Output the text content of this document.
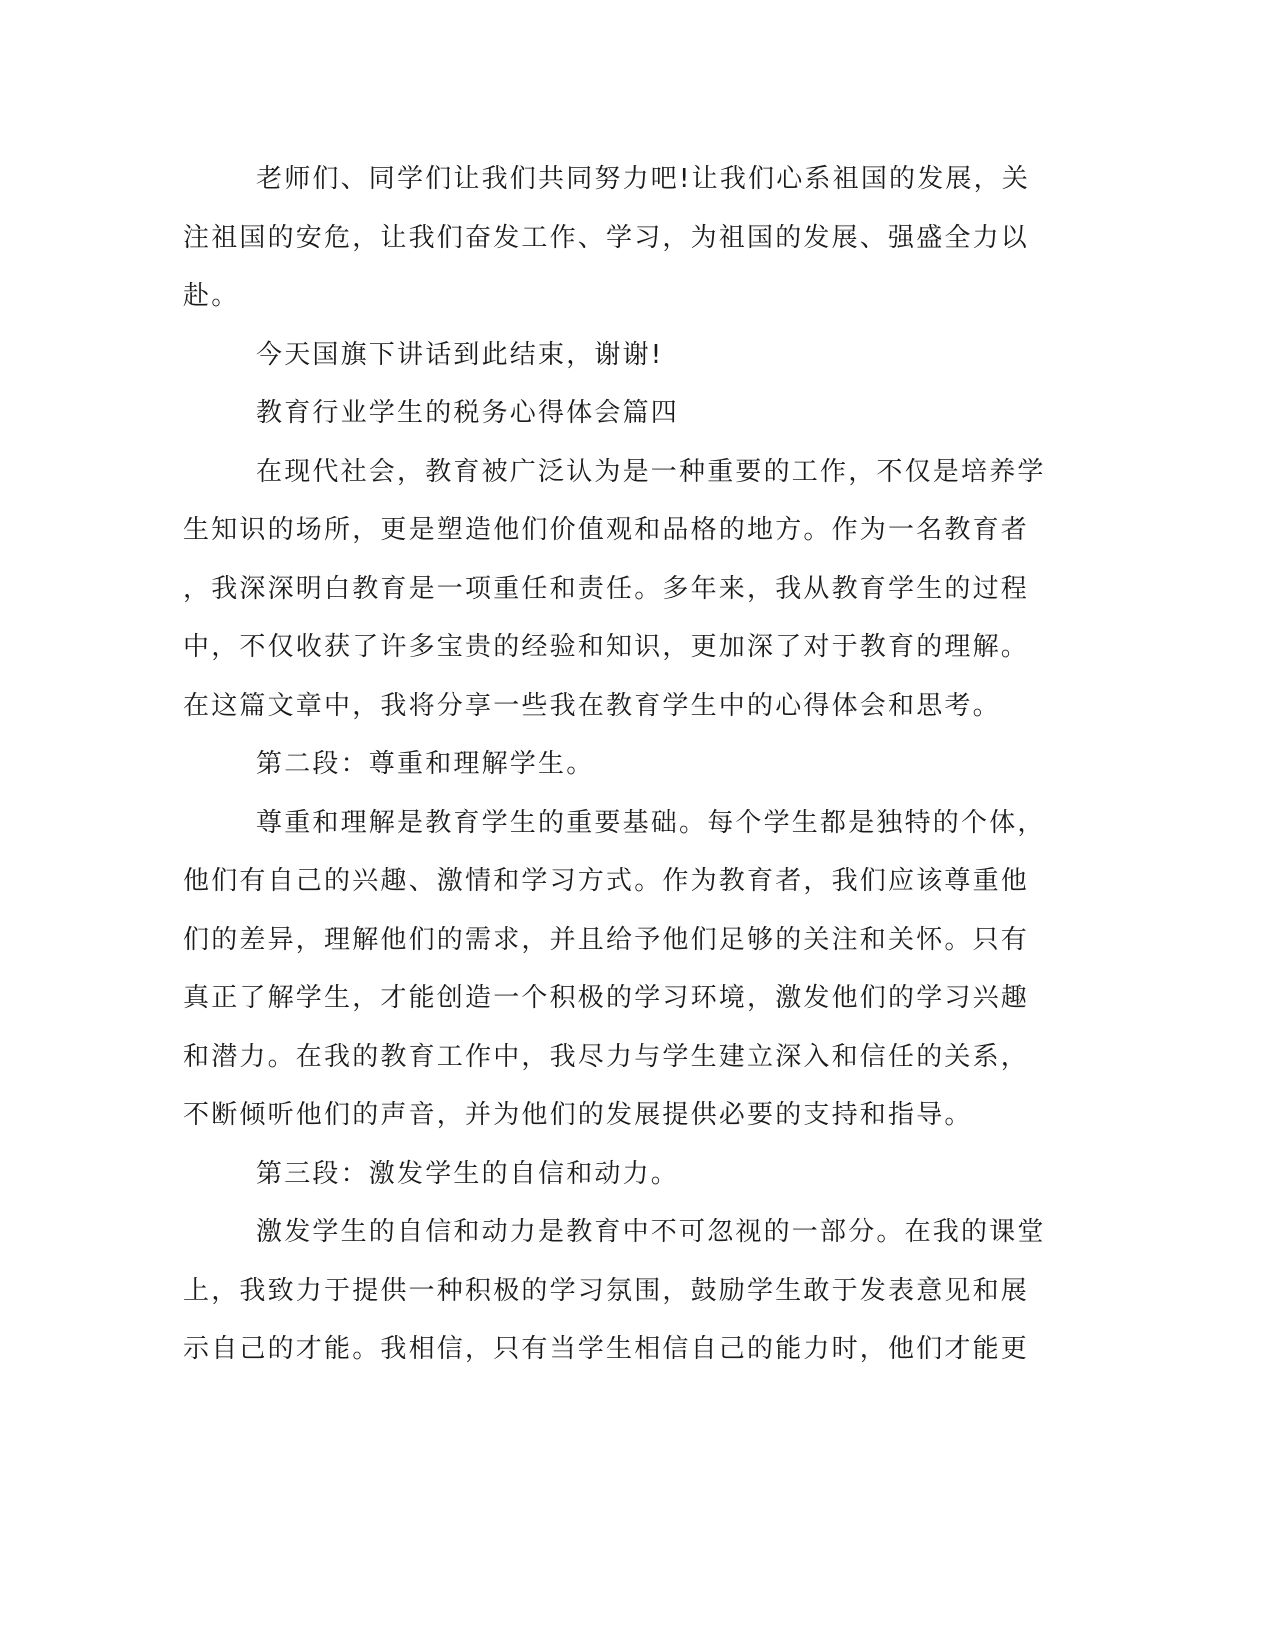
老师们、同学们让我们共同努力吧!让我们心系祖国的发展，关
注祖国的安危，让我们奋发工作、学习，为祖国的发展、强盛全力以
赴。
今天国旗下讲话到此结束，谢谢!
教育行业学生的税务心得体会篇四
在现代社会，教育被广泛认为是一种重要的工作，不仅是培养学
生知识的场所，更是塑造他们价值观和品格的地方。作为一名教育者
，我深深明白教育是一项重任和责任。多年来，我从教育学生的过程
中，不仅收获了许多宝贵的经验和知识，更加深了对于教育的理解。
在这篇文章中，我将分享一些我在教育学生中的心得体会和思考。
第二段：尊重和理解学生。
尊重和理解是教育学生的重要基础。每个学生都是独特的个体，
他们有自己的兴趣、激情和学习方式。作为教育者，我们应该尊重他
们的差异，理解他们的需求，并且给予他们足够的关注和关怀。只有
真正了解学生，才能创造一个积极的学习环境，激发他们的学习兴趣
和潜力。在我的教育工作中，我尽力与学生建立深入和信任的关系，
不断倾听他们的声音，并为他们的发展提供必要的支持和指导。
第三段：激发学生的自信和动力。
激发学生的自信和动力是教育中不可忽视的一部分。在我的课堂
上，我致力于提供一种积极的学习氛围，鼓励学生敢于发表意见和展
示自己的才能。我相信，只有当学生相信自己的能力时，他们才能更
